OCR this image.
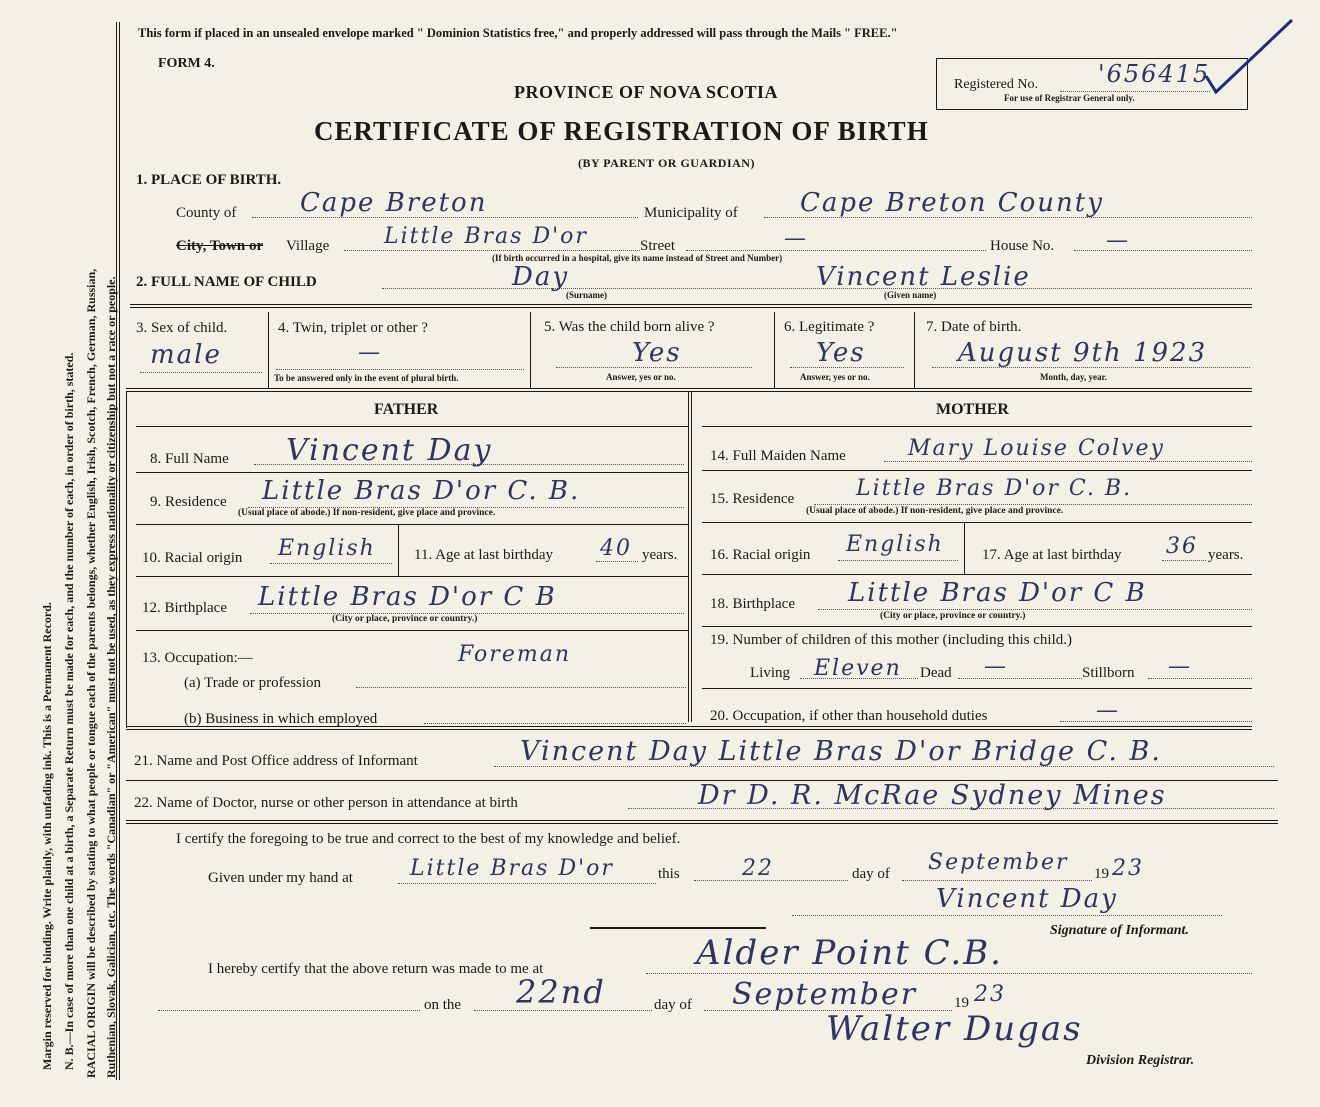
Margin reserved for binding. Write plainly, with unfading ink. This is a Permanent Record. N. B.—In case of more than one child at a birth, a Separate Return must be made for each, and the number of each, in order of birth, stated. RACIAL ORIGIN will be described by stating to what people or tongue each of the parents belongs, whether English, Irish, Scotch, French, German, Russian, Ruthenian, Slovak, Galician, etc. The words "Canadian" or "American" must not be used, as they express nationality or citizenship but not a race or people.
This form if placed in an unsealed envelope marked " Dominion Statistics free," and properly addressed will pass through the Mails " FREE."
FORM 4.
PROVINCE OF NOVA SCOTIA
CERTIFICATE OF REGISTRATION OF BIRTH
(BY PARENT OR GUARDIAN)
Registered No.	'656415
For use of Registrar General only.
1. PLACE OF BIRTH.
County of Cape Breton	Municipality of Cape Breton County
City, Town or Village Little Bras D'or	Street	—	House No. —
(If birth occurred in a hospital, give its name instead of Street and Number)
2. FULL NAME OF CHILD	Day
(Surname)
Vincent Leslie
(Given name)
3. Sex of child.
male
4. Twin, triplet or other ?
—
To be answered only in the event of plural birth.
5. Was the child born alive ?
Yes
Answer, yes or no.
6. Legitimate ?
Yes
Answer, yes or no.
7. Date of birth.
August 9th 1923
Month, day, year.
FATHER
8. Full Name Vincent Day
9. Residence Little Bras D'or C. B.
(Usual place of abode.) If non-resident, give place and province.
10. Racial origin English	11. Age at last birthday 40 years.
12. Birthplace Little Bras D'or C B
(City or place, province or country.)
13. Occupation:—	Foreman
(a) Trade or profession
(b) Business in which employed
MOTHER
14. Full Maiden Name	Mary Louise Colvey
15. Residence	Little Bras D'or C. B.
(Usual place of abode.) If non-resident, give place and province.
16. Racial origin English	17. Age at last birthday 36 years.
18. Birthplace Little Bras D'or C B
(City or place, province or country.)
19. Number of children of this mother (including this child.)
Living Eleven Dead —	Stillborn —
20. Occupation, if other than household duties	—
21. Name and Post Office address of Informant	Vincent Day Little Bras D'or Bridge C. B.
22. Name of Doctor, nurse or other person in attendance at birth	Dr D. R. McRae Sydney Mines
I certify the foregoing to be true and correct to the best of my knowledge and belief.
Given under my hand at	Little Bras D'or	this	22	day of September 19 23
Vincent Day
Signature of Informant.
I hereby certify that the above return was made to me at	Alder Point C.B.
on the 22nd	day of September 19 23
Walter Dugas
Division Registrar.
